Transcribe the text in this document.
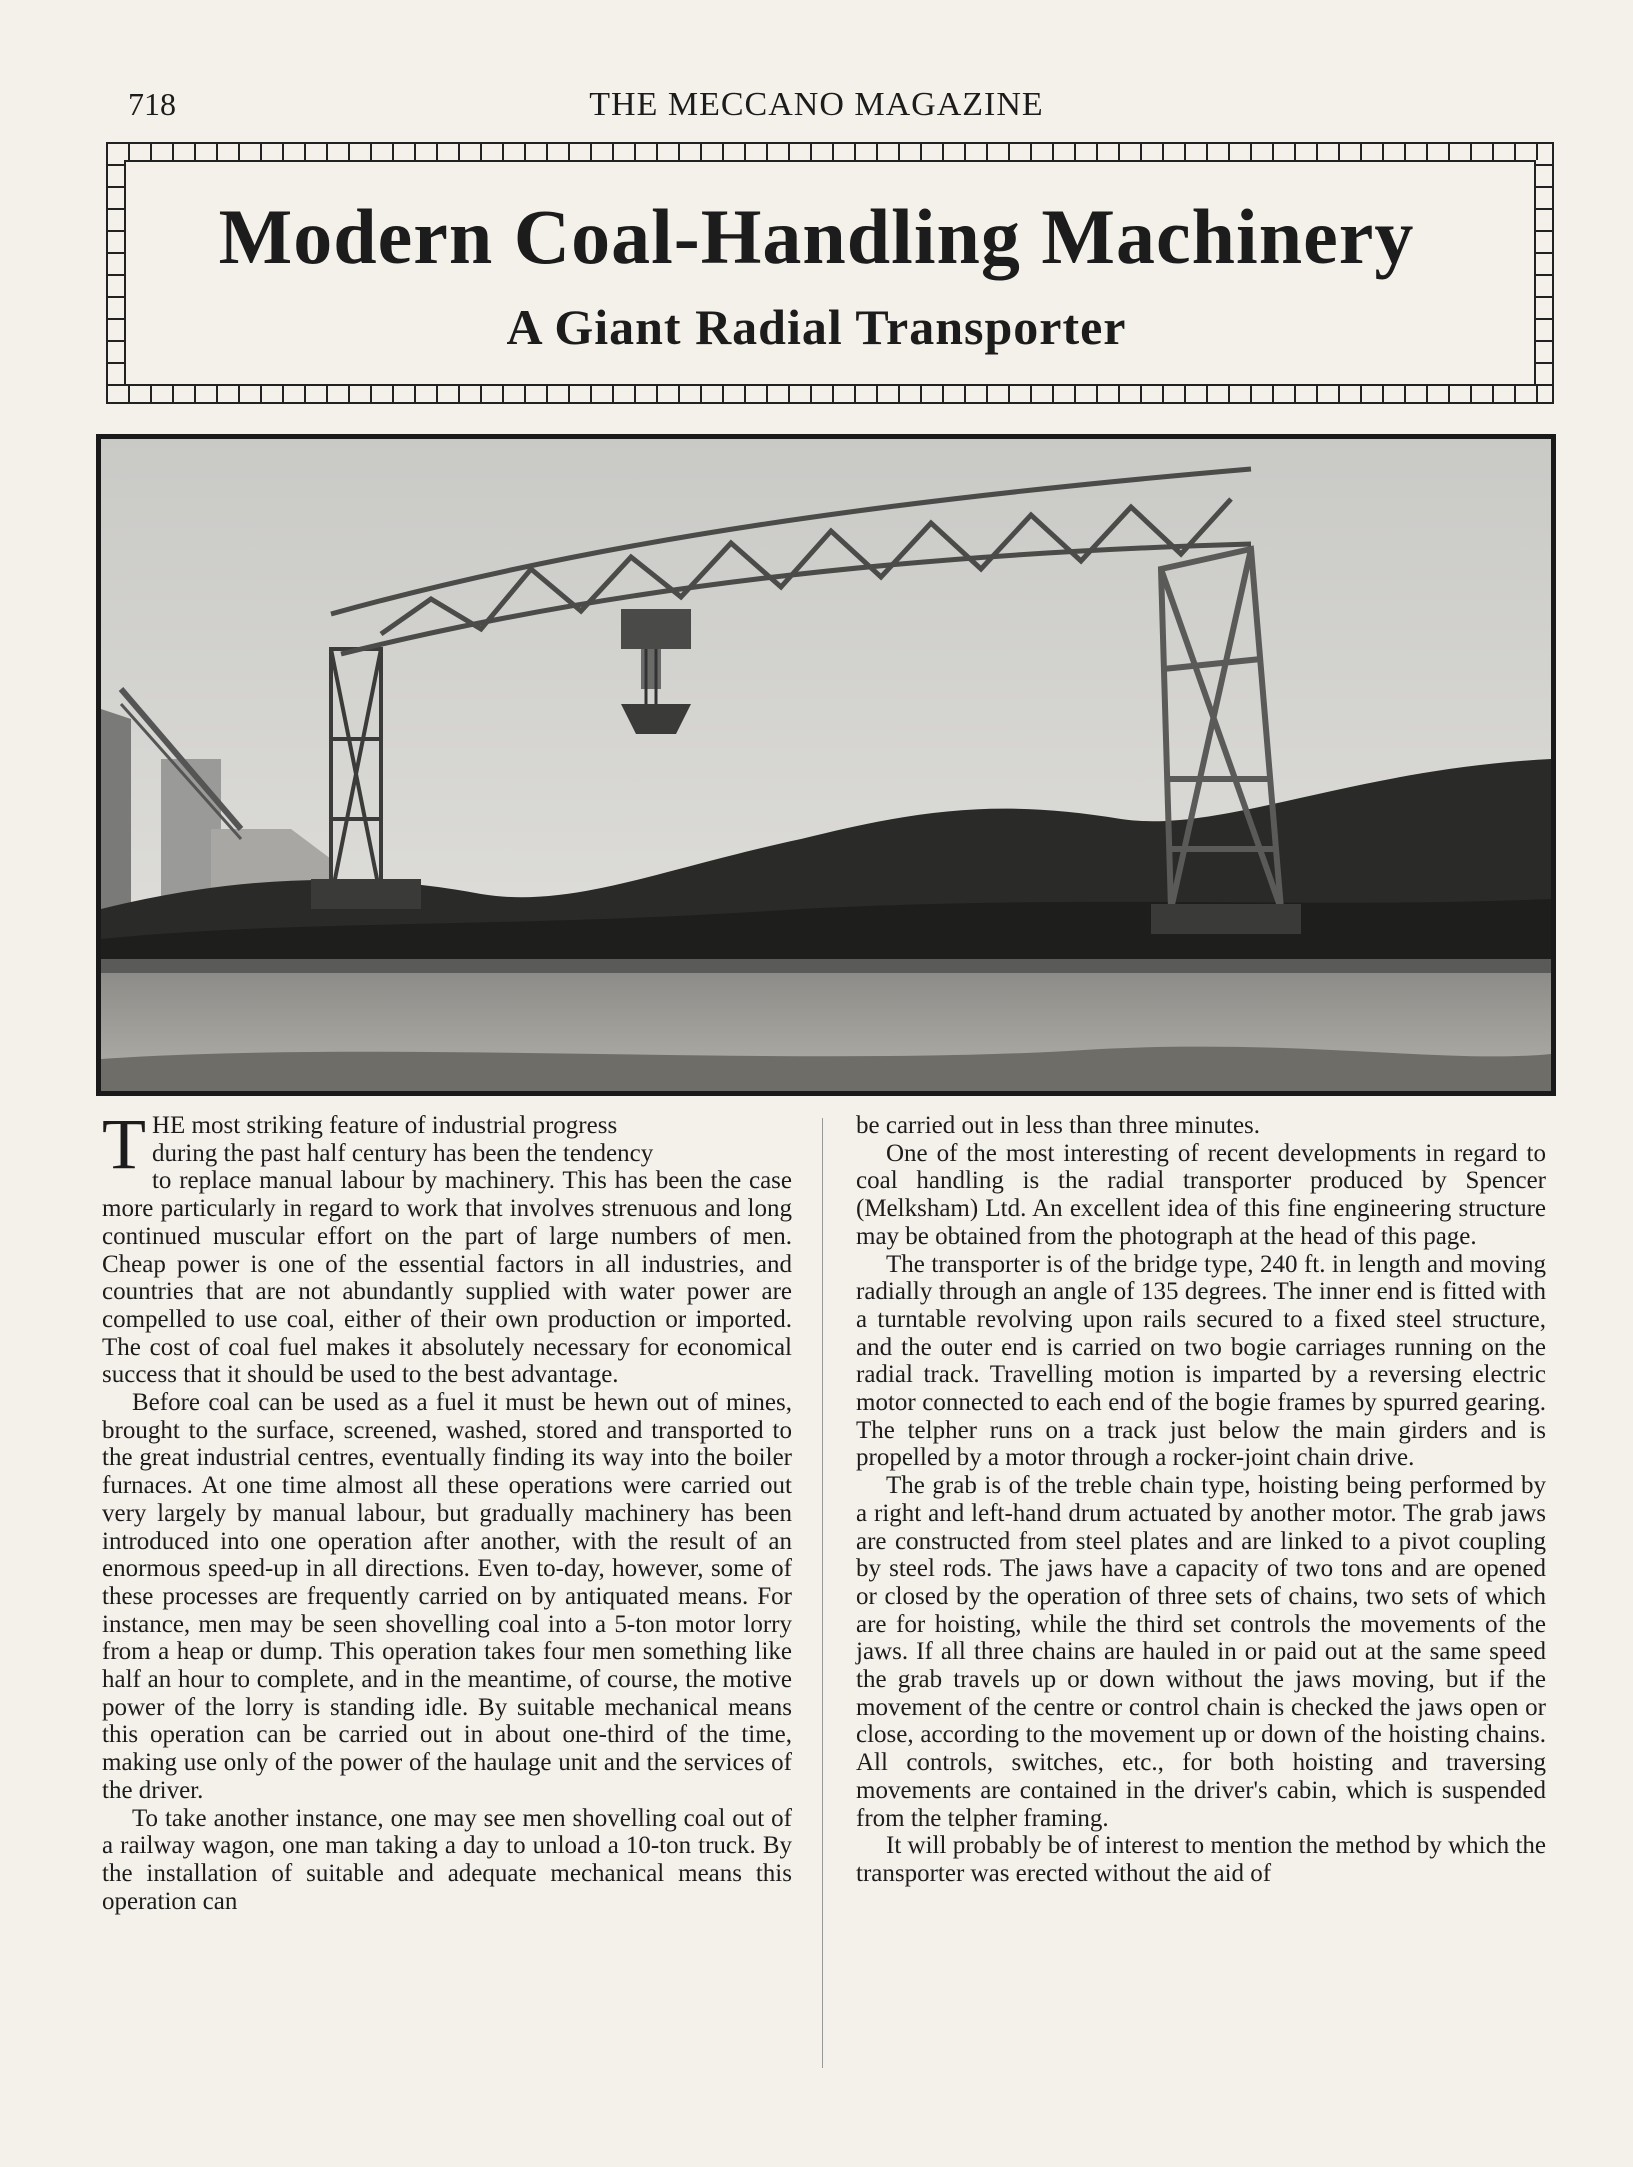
718	THE MECCANO MAGAZINE
Modern Coal-Handling Machinery
A Giant Radial Transporter

THE most striking feature of industrial progress
during the past half century has been the tendency
to replace manual labour by machinery. This has been the case more particularly in regard to work that involves strenuous and long continued muscular effort on the part of large numbers of men. Cheap power is one of the essential factors in all industries, and countries that are not abundantly supplied with water power are compelled to use coal, either of their own production or imported. The cost of coal fuel makes it absolutely necessary for economical success that it should be used to the best advantage.

Before coal can be used as a fuel it must be hewn out of mines, brought to the surface, screened, washed, stored and transported to the great industrial centres, eventually finding its way into the boiler furnaces. At one time almost all these operations were carried out very largely by manual labour, but gradually machinery has been introduced into one operation after another, with the result of an enormous speed-up in all directions. Even to-day, however, some of these processes are frequently carried on by antiquated means. For instance, men may be seen shovelling coal into a 5-ton motor lorry from a heap or dump. This operation takes four men something like half an hour to complete, and in the meantime, of course, the motive power of the lorry is standing idle. By suitable mechanical means this operation can be carried out in about one-third of the time, making use only of the power of the haulage unit and the services of the driver.

To take another instance, one may see men shovelling coal out of a railway wagon, one man taking a day to unload a 10-ton truck. By the installation of suitable and adequate mechanical means this operation can

be carried out in less than three minutes.

One of the most interesting of recent developments in regard to coal handling is the radial transporter produced by Spencer (Melksham) Ltd. An excellent idea of this fine engineering structure may be obtained from the photograph at the head of this page.

The transporter is of the bridge type, 240 ft. in length and moving radially through an angle of 135 degrees. The inner end is fitted with a turntable revolving upon rails secured to a fixed steel structure, and the outer end is carried on two bogie carriages running on the radial track. Travelling motion is imparted by a reversing electric motor connected to each end of the bogie frames by spurred gearing. The telpher runs on a track just below the main girders and is propelled by a motor through a rocker-joint chain drive.

The grab is of the treble chain type, hoisting being performed by a right and left-hand drum actuated by another motor. The grab jaws are constructed from steel plates and are linked to a pivot coupling by steel rods. The jaws have a capacity of two tons and are opened or closed by the operation of three sets of chains, two sets of which are for hoisting, while the third set controls the movements of the jaws. If all three chains are hauled in or paid out at the same speed the grab travels up or down without the jaws moving, but if the movement of the centre or control chain is checked the jaws open or close, according to the movement up or down of the hoisting chains. All controls, switches, etc., for both hoisting and traversing movements are contained in the driver's cabin, which is suspended from the telpher framing.

It will probably be of interest to mention the method by which the transporter was erected without the aid of
